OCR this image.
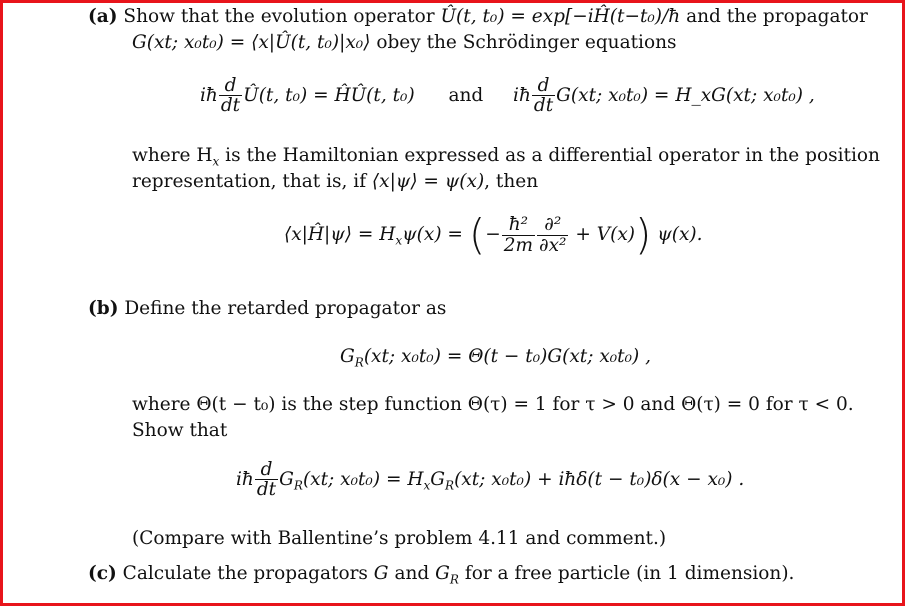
(a) Show that the evolution operator Û(t, t₀) = exp[−iĤ(t−t₀)/ħ and the propagator
G(xt; x₀t₀) = ⟨x|Û(t, t₀)|x₀⟩ obey the Schrödinger equations
iħ $\frac{d}{dt}$ Û(t, t₀) = ĤÛ(t, t₀) and iħ $\frac{d}{dt} G(xt$; x₀t₀) = H_xG(xt; x₀t₀) ,
where $H_x$ is the Hamiltonian expressed as a differential operator in the position
representation, that is, if ⟨x|ψ⟩ = ψ(x), then
⟨x|Ĥ|ψ⟩ = $H_x\psi(x)$ = (− $\frac{\text{ħ²}}{2m} \frac{\text{∂²}}{\text{∂x²}} + V(x)$) ψ(x).
(b) Define the retarded propagator as
$G_R(xt$; x₀t₀) = Θ(t − t₀)G(xt; x₀t₀) ,
where Θ(t − t₀) is the step function Θ(τ) = 1 for τ > 0 and Θ(τ) = 0 for τ < 0.
Show that
iħ $\frac{d}{dt} G_R(xt$; $x_0t_0) = H_xG_R(xt$; x₀t₀) + iħδ(t − t₀)δ(x − x₀) .
(Compare with Ballentine’s problem 4.11 and comment.)
(c) Calculate the propagators G and $G_R$ for a free particle (in 1 dimension).
